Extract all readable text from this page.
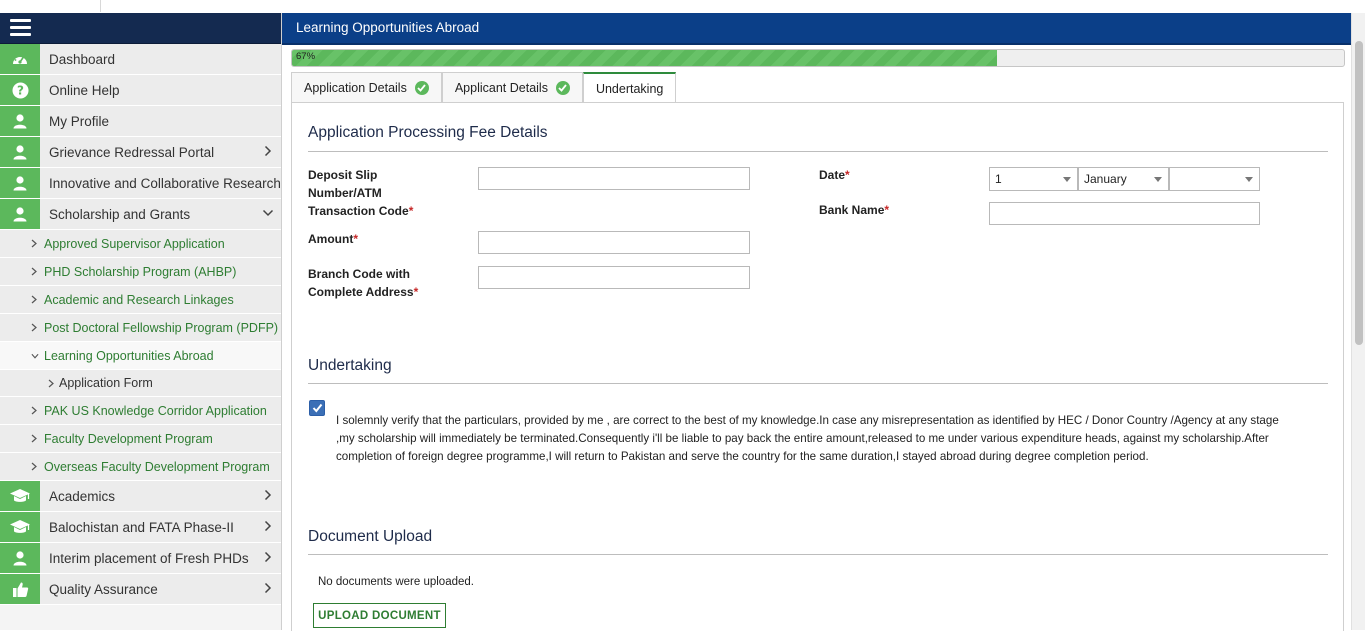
Dashboard
?	Online Help
My Profile
Grievance Redressal Portal
Innovative and Collaborative Research
Scholarship and Grants
Approved Supervisor Application
PHD Scholarship Program (AHBP)
Academic and Research Linkages
Post Doctoral Fellowship Program (PDFP)
Learning Opportunities Abroad
Application Form
PAK US Knowledge Corridor Application
Faculty Development Program
Overseas Faculty Development Program
Academics
Balochistan and FATA Phase-II
Interim placement of Fresh PHDs
Quality Assurance
Learning Opportunities Abroad
67%
Application Details	Applicant Details	Undertaking
Application Processing Fee Details
Deposit Slip
Number/ATM
Transaction Code*
Amount*
Branch Code with
Complete Address*
Date*	1	January
Bank Name*
Undertaking
I solemnly verify that the particulars, provided by me , are correct to the best of my knowledge.In case any misrepresentation as identified by HEC / Donor Country /Agency at any stage
,my scholarship will immediately be terminated.Consequently i'll be liable to pay back the entire amount,released to me under various expenditure heads, against my scholarship.After
completion of foreign degree programme,I will return to Pakistan and serve the country for the same duration,I stayed abroad during degree completion period.
Document Upload
No documents were uploaded.
UPLOAD DOCUMENT
